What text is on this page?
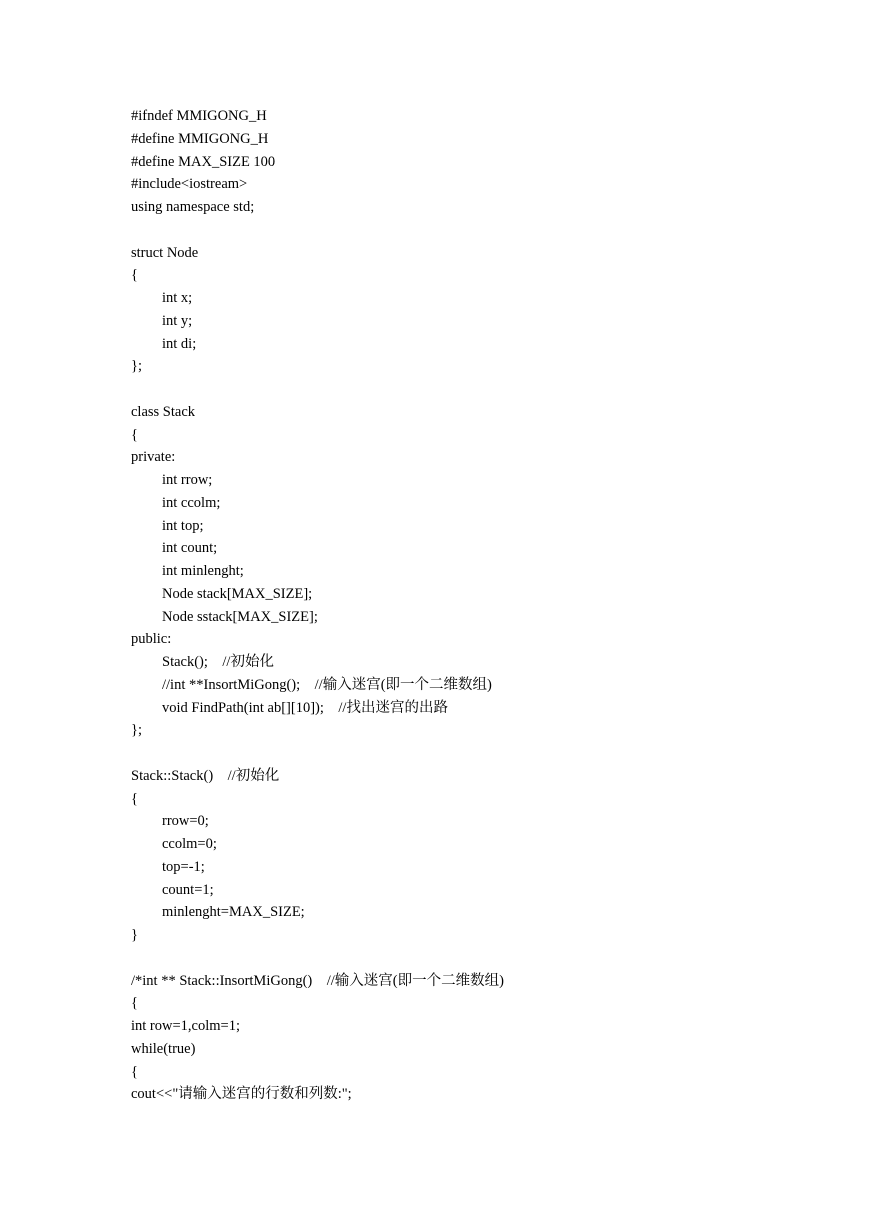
#ifndef MMIGONG_H
#define MMIGONG_H
#define MAX_SIZE 100
#include<iostream>
using namespace std;
struct Node
{
int x;
int y;
int di;
};
class Stack
{
private:
int rrow;
int ccolm;
int top;
int count;
int minlenght;
Node stack[MAX_SIZE];
Node sstack[MAX_SIZE];
public:
Stack();    //初始化
//int **InsortMiGong();    //输入迷宫(即一个二维数组)
void FindPath(int ab[][10]);    //找出迷宫的出路
};
Stack::Stack()    //初始化
{
rrow=0;
ccolm=0;
top=-1;
count=1;
minlenght=MAX_SIZE;
}
/*int ** Stack::InsortMiGong()    //输入迷宫(即一个二维数组)
{
int row=1,colm=1;
while(true)
{
cout<<"请输入迷宫的行数和列数:";
